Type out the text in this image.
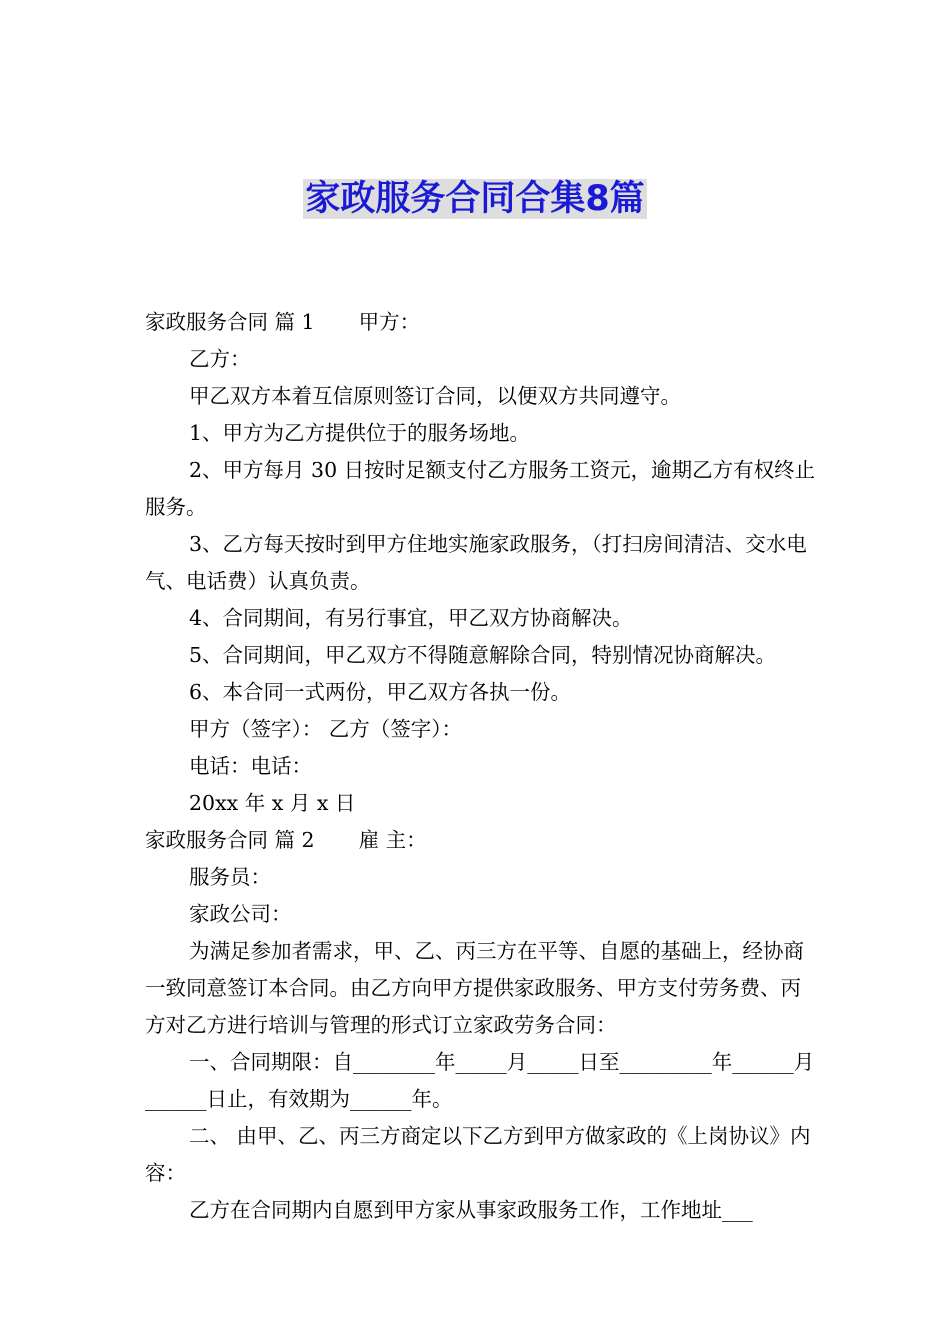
家政服务合同合集8篇

家政服务合同 篇 1 甲方：

乙方：

甲乙双方本着互信原则签订合同，以便双方共同遵守。

1、甲方为乙方提供位于的服务场地。

2、甲方每月 30 日按时足额支付乙方服务工资元，逾期乙方有权终止服务。

3、乙方每天按时到甲方住地实施家政服务，（打扫房间清洁、交水电气、电话费）认真负责。

4、合同期间，有另行事宜，甲乙双方协商解决。

5、合同期间，甲乙双方不得随意解除合同，特别情况协商解决。

6、本合同一式两份，甲乙双方各执一份。

甲方（签字）： 乙方（签字）：

电话：电话：

20xx 年 x 月 x 日

家政服务合同 篇 2 雇 主：

服务员：

家政公司：

为满足参加者需求，甲、乙、丙三方在平等、自愿的基础上，经协商一致同意签订本合同。由乙方向甲方提供家政服务、甲方支付劳务费、丙方对乙方进行培训与管理的形式订立家政劳务合同：

一、合同期限：自________年_____月_____日至_________年______月______日止，有效期为______年。

二、 由甲、乙、丙三方商定以下乙方到甲方做家政的《上岗协议》内容：

乙方在合同期内自愿到甲方家从事家政服务工作，工作地址___
